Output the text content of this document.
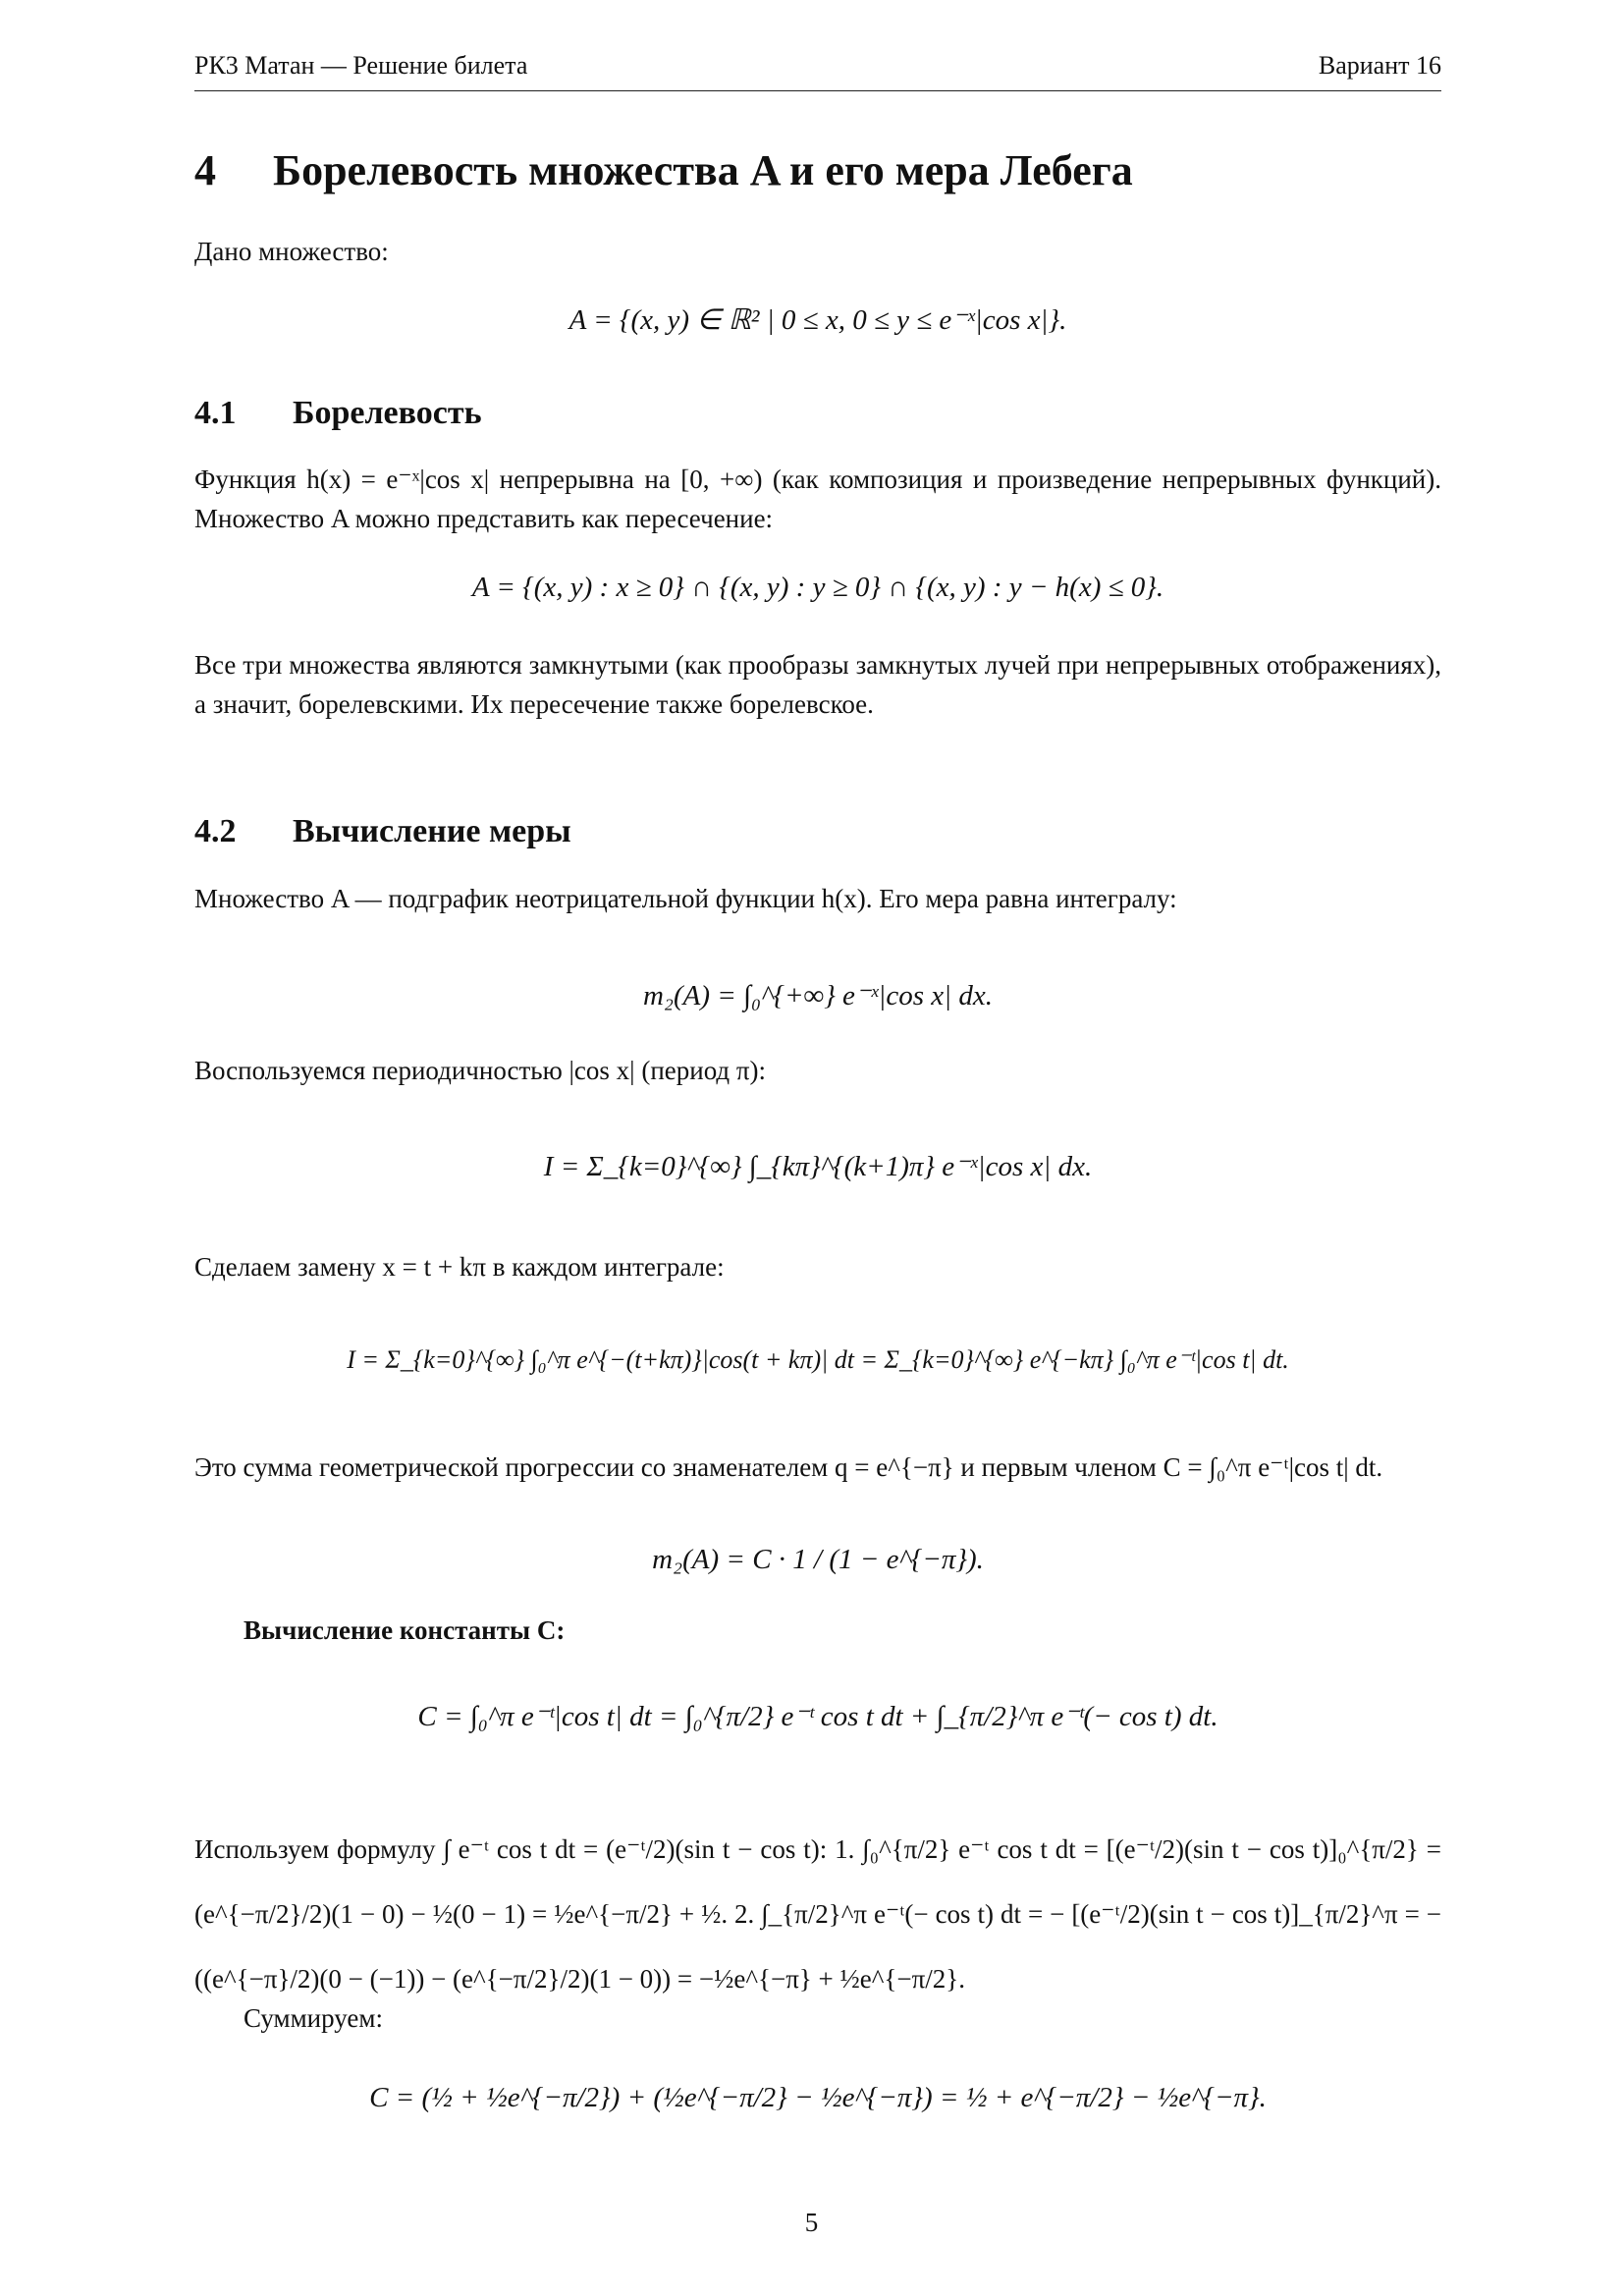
РК3 Матан — Решение билета	Вариант 16
4 Борелевость множества A и его мера Лебега
Дано множество:
A = {(x, y) ∈ ℝ² | 0 ≤ x, 0 ≤ y ≤ e⁻ˣ|cos x|}.
4.1 Борелевость
Функция h(x) = e⁻ˣ|cos x| непрерывна на [0, +∞) (как композиция и произведение непрерывных функций). Множество A можно представить как пересечение:
A = {(x, y) : x ≥ 0} ∩ {(x, y) : y ≥ 0} ∩ {(x, y) : y − h(x) ≤ 0}.
Все три множества являются замкнутыми (как прообразы замкнутых лучей при непрерывных отображениях), а значит, борелевскими. Их пересечение также борелевское.
4.2 Вычисление меры
Множество A — подграфик неотрицательной функции h(x). Его мера равна интегралу:
m₂(A) = ∫₀^{+∞} e⁻ˣ|cos x| dx.
Воспользуемся периодичностью |cos x| (период π):
I = Σ_{k=0}^{∞} ∫_{kπ}^{(k+1)π} e⁻ˣ|cos x| dx.
Сделаем замену x = t + kπ в каждом интеграле:
I = Σ_{k=0}^{∞} ∫₀^π e^{−(t+kπ)}|cos(t + kπ)| dt = Σ_{k=0}^{∞} e^{−kπ} ∫₀^π e⁻ᵗ|cos t| dt.
Это сумма геометрической прогрессии со знаменателем q = e^{−π} и первым членом C = ∫₀^π e⁻ᵗ|cos t| dt.
m₂(A) = C · 1 / (1 − e^{−π}).
Вычисление константы C:
C = ∫₀^π e⁻ᵗ|cos t| dt = ∫₀^{π/2} e⁻ᵗ cos t dt + ∫_{π/2}^π e⁻ᵗ(− cos t) dt.
Используем формулу ∫ e⁻ᵗ cos t dt = (e⁻ᵗ/2)(sin t − cos t): 1. ∫₀^{π/2} e⁻ᵗ cos t dt = [(e⁻ᵗ/2)(sin t − cos t)]₀^{π/2} = (e^{−π/2}/2)(1 − 0) − ½(0 − 1) = ½e^{−π/2} + ½. 2. ∫_{π/2}^π e⁻ᵗ(− cos t) dt = − [(e⁻ᵗ/2)(sin t − cos t)]_{π/2}^π = − ((e^{−π}/2)(0 − (−1)) − (e^{−π/2}/2)(1 − 0)) = −½e^{−π} + ½e^{−π/2}.
Суммируем:
C = (½ + ½e^{−π/2}) + (½e^{−π/2} − ½e^{−π}) = ½ + e^{−π/2} − ½e^{−π}.
5
